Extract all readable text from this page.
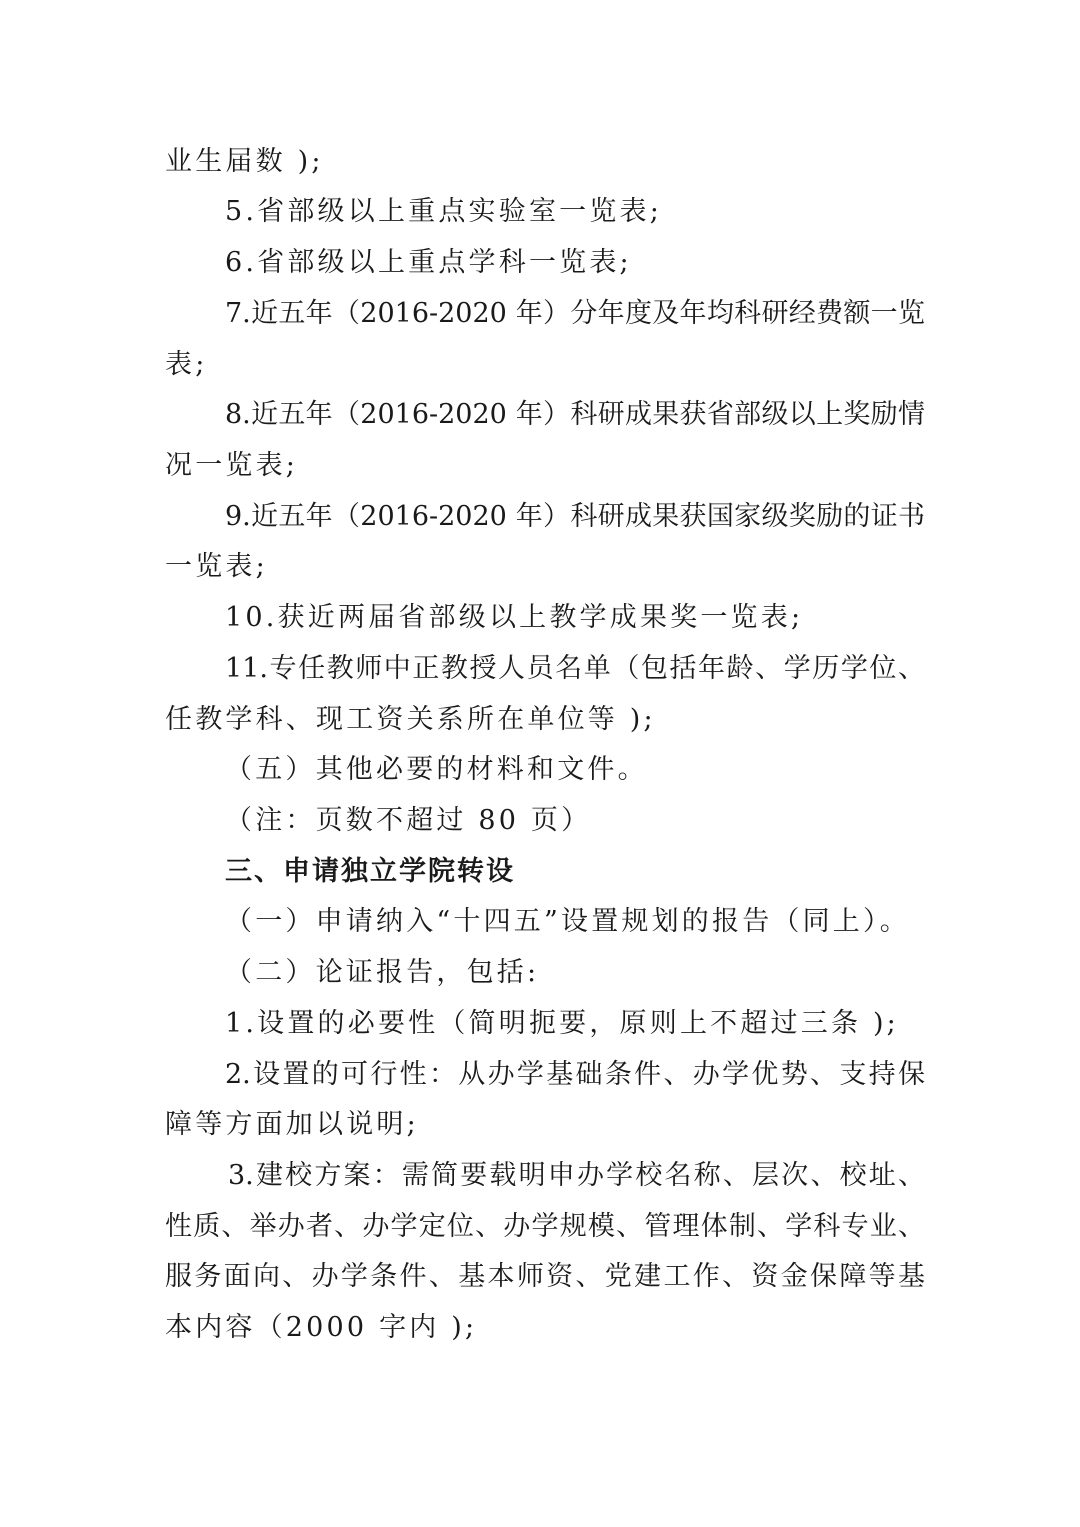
业生届数 );
5.省部级以上重点实验室一览表;
6.省部级以上重点学科一览表;
7.近五年（2016-2020 年）分年度及年均科研经费额一览
表;
8.近五年（2016-2020 年）科研成果获省部级以上奖励情
况一览表;
9.近五年（2016-2020 年）科研成果获国家级奖励的证书
一览表;
10.获近两届省部级以上教学成果奖一览表;
11.专任教师中正教授人员名单（包括年龄、学历学位、
任教学科、现工资关系所在单位等 );
（五）其他必要的材料和文件。
（注：页数不超过 80 页）
三、申请独立学院转设
（一）申请纳入“十四五”设置规划的报告（同上）。
（二）论证报告，包括:
1.设置的必要性（简明扼要，原则上不超过三条 );
2.设置的可行性：从办学基础条件、办学优势、支持保
障等方面加以说明;
3.建校方案：需简要载明申办学校名称、层次、校址、
性质、举办者、办学定位、办学规模、管理体制、学科专业、
服务面向、办学条件、基本师资、党建工作、资金保障等基
本内容（2000 字内 );
